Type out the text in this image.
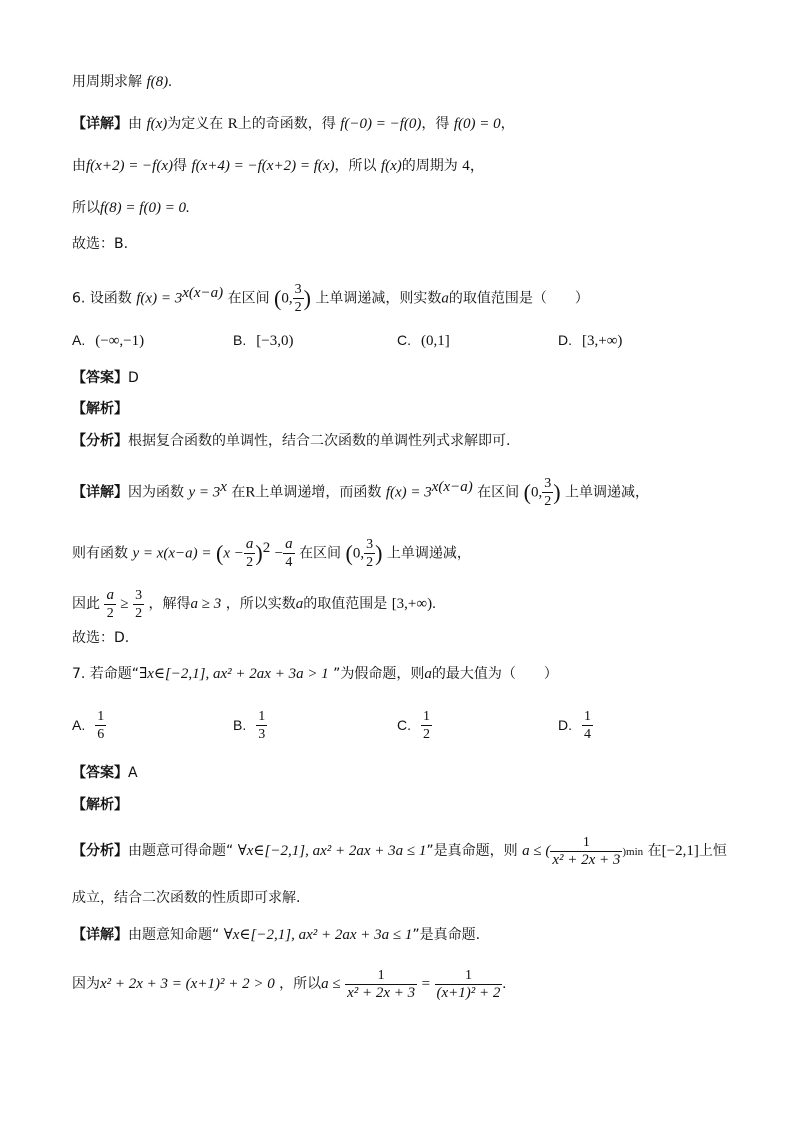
用周期求解 f(8).
【详解】由 f(x)为定义在 R上的奇函数，得 f(−0) = −f(0)，得 f(0) = 0，
由f(x+2) = −f(x)得 f(x+4) = −f(x+2) = f(x)，所以 f(x)的周期为 4，
所以f(8) = f(0) = 0.
故选：B.
6. 设函数 $f(x) = 3^{x(x-a)}$ 在区间 (0, $\frac{3}{2}$ ) 上单调递减，则实数a的取值范围是（　　）
A. (−∞,−1)	B. [−3,0)	C. (0,1]	D. [3,+∞)
【答案】D
【解析】
【分析】根据复合函数的单调性，结合二次函数的单调性列式求解即可.
【详解】因为函数 $y = 3^x$ 在R上单调递增，而函数 $f(x) = 3^{x(x-a)}$ 在区间 (0, $\frac{3}{2}$ ) 上单调递减，
则有函数 $y = x(x-a) = (x - \frac{a}{2} )^2 - \frac{a}{4}$ 在区间 (0, $\frac{3}{2}$ ) 上单调递减，
因此 $\frac{a}{2} \ge \frac{3}{2}$ ，解得a ≥ 3 ，所以实数a的取值范围是 [3,+∞).
故选：D.
7. 若命题“∃x∈[−2,1], ax² + 2ax + 3a > 1 ”为假命题，则a的最大值为（　　）
A. $\frac{1}{6}$	B. $\frac{1}{3}$	C. $\frac{1}{2}$	D. $\frac{1}{4}$
【答案】A
【解析】
【分析】由题意可得命题“ ∀x∈[−2,1], ax² + 2ax + 3a ≤ 1”是真命题，则 a ≤ ( $\frac{1}{\text{x² + 2x + 3}} )\min$ 在[−2,1]上恒
成立，结合二次函数的性质即可求解.
【详解】由题意知命题“ ∀x∈[−2,1], ax² + 2ax + 3a ≤ 1”是真命题.
因为x² + 2x + 3 = (x+1)² + 2 > 0 ，所以$a \le \frac{1}{\text{x² + 2x + 3}} = \frac{1}{\text{(x+1)² + 2}}$ .
